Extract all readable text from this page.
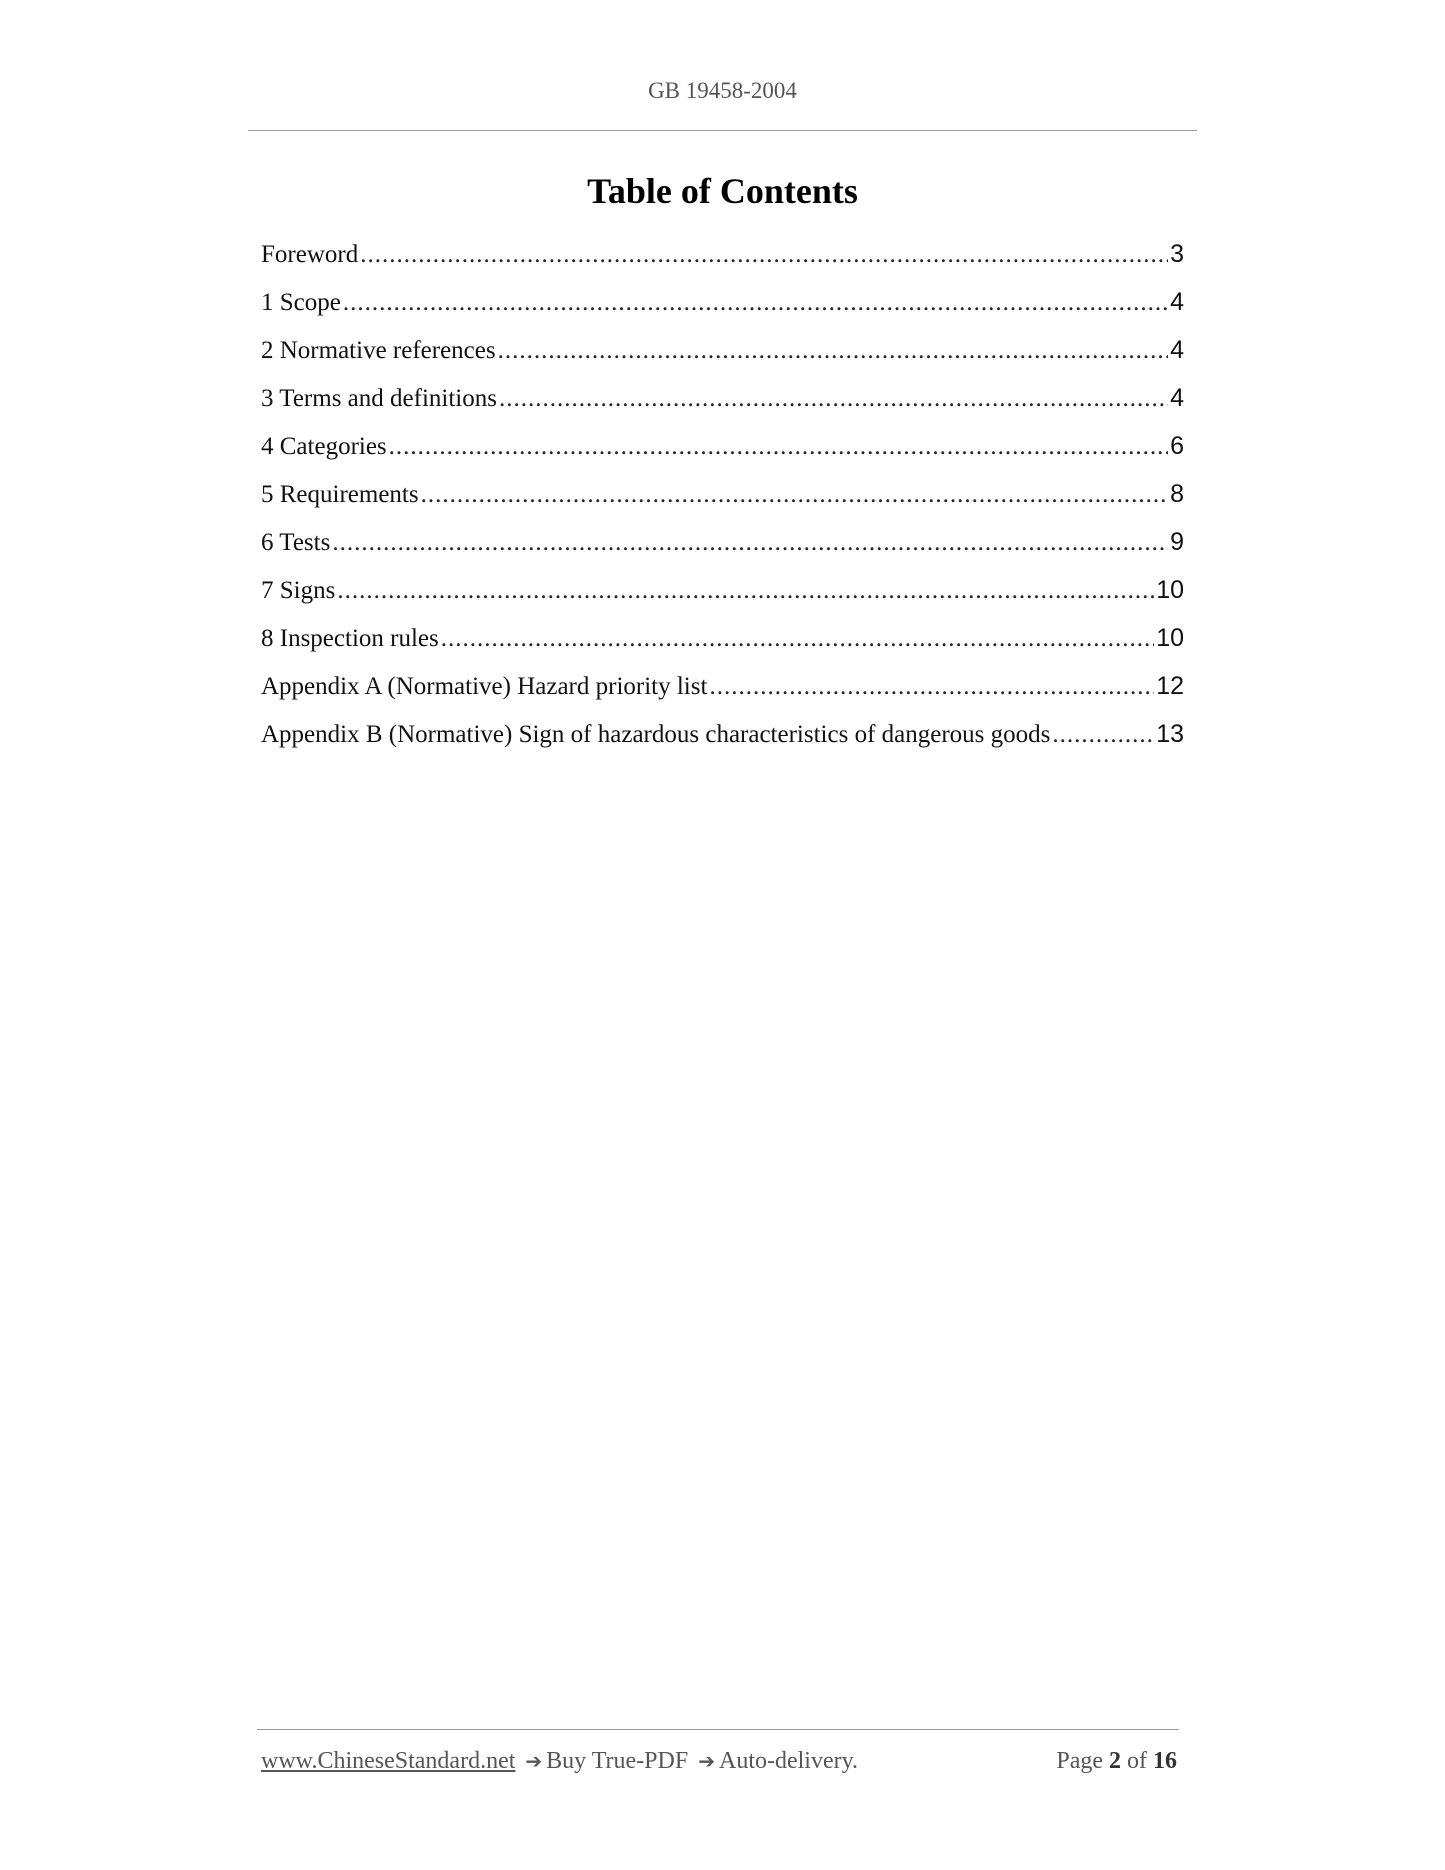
GB 19458-2004
Table of Contents
Foreword .....	3
1 Scope .....	4
2 Normative references .....	4
3 Terms and definitions .....	4
4 Categories .....	6
5 Requirements .....	8
6 Tests .....	9
7 Signs .....	10
8 Inspection rules .....	10
Appendix A (Normative) Hazard priority list .....	12
Appendix B (Normative) Sign of hazardous characteristics of dangerous goods .....	13
www.ChineseStandard.net ➔ Buy True-PDF ➔ Auto-delivery.	Page 2 of 16
